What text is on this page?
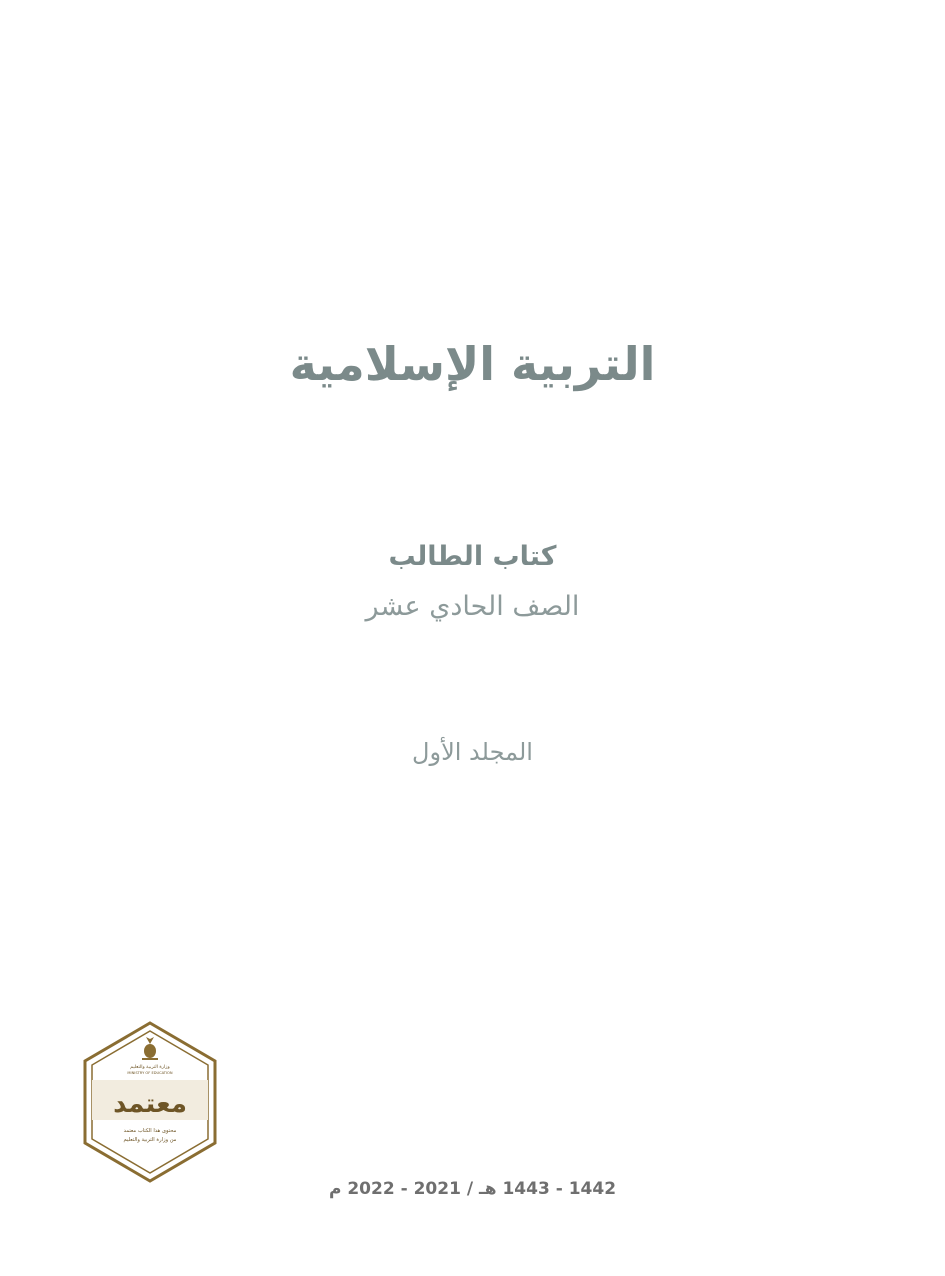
التربية الإسلامية
كتاب الطالب
الصف الحادي عشر
المجلد الأول
وزارة التربية والتعليم
MINISTRY OF EDUCATION
معتمد
محتوى هذا الكتاب معتمد
من وزارة التربية والتعليم
1442 - 1443 هـ / 2021 - 2022 م
